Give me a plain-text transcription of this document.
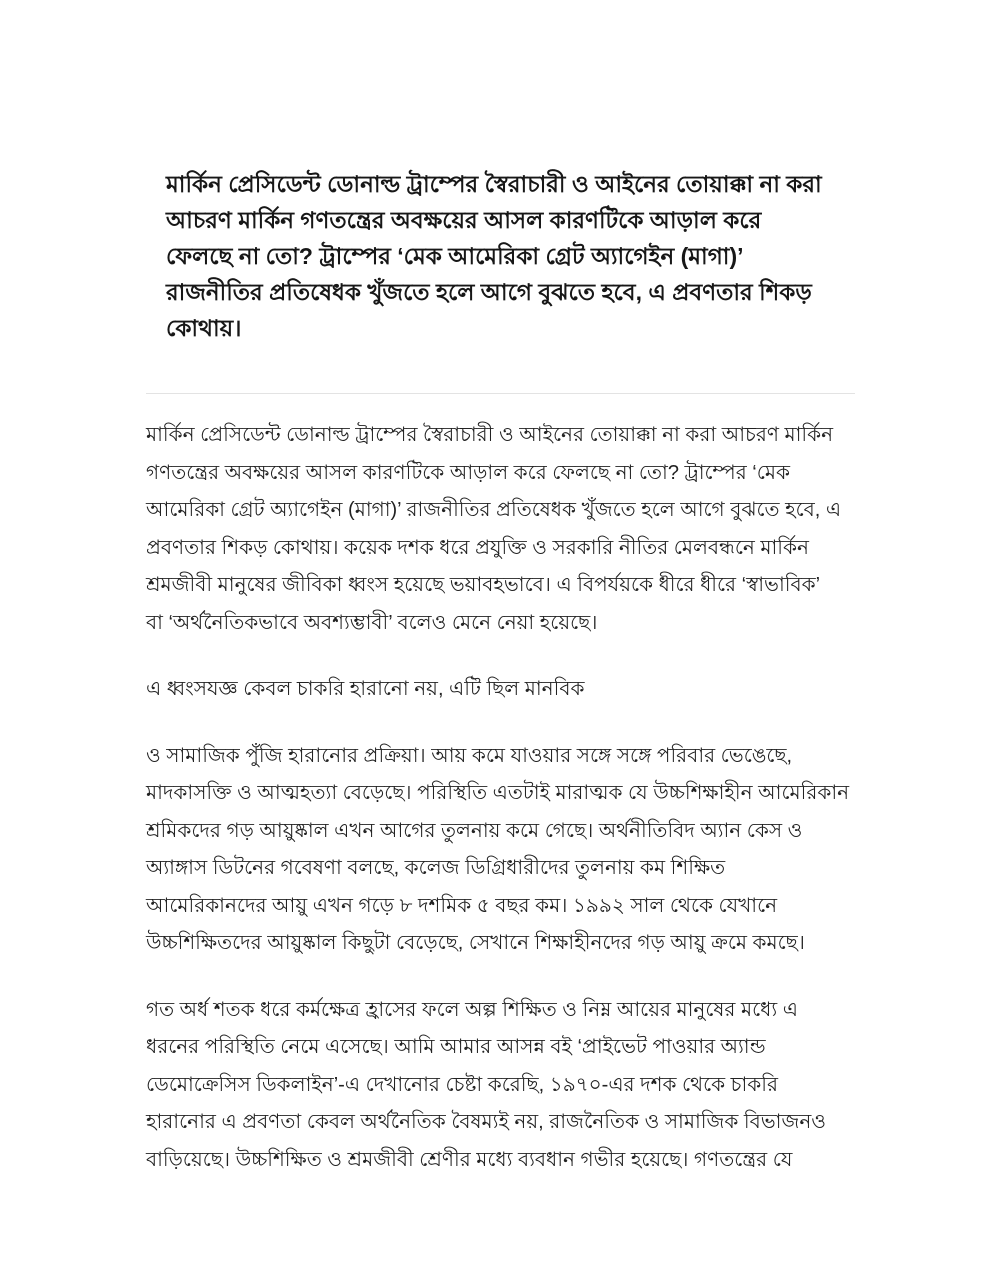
মার্কিন প্রেসিডেন্ট ডোনাল্ড ট্রাম্পের স্বৈরাচারী ও আইনের তোয়াক্কা না করা
আচরণ মার্কিন গণতন্ত্রের অবক্ষয়ের আসল কারণটিকে আড়াল করে
ফেলছে না তো? ট্রাম্পের ‘মেক আমেরিকা গ্রেট অ্যাগেইন (মাগা)’
রাজনীতির প্রতিষেধক খুঁজতে হলে আগে বুঝতে হবে, এ প্রবণতার শিকড়
কোথায়।
মার্কিন প্রেসিডেন্ট ডোনাল্ড ট্রাম্পের স্বৈরাচারী ও আইনের তোয়াক্কা না করা আচরণ মার্কিন
গণতন্ত্রের অবক্ষয়ের আসল কারণটিকে আড়াল করে ফেলছে না তো? ট্রাম্পের ‘মেক
আমেরিকা গ্রেট অ্যাগেইন (মাগা)’ রাজনীতির প্রতিষেধক খুঁজতে হলে আগে বুঝতে হবে, এ
প্রবণতার শিকড় কোথায়। কয়েক দশক ধরে প্রযুক্তি ও সরকারি নীতির মেলবন্ধনে মার্কিন
শ্রমজীবী মানুষের জীবিকা ধ্বংস হয়েছে ভয়াবহভাবে। এ বিপর্যয়কে ধীরে ধীরে ‘স্বাভাবিক’
বা ‘অর্থনৈতিকভাবে অবশ্যম্ভাবী’ বলেও মেনে নেয়া হয়েছে।
এ ধ্বংসযজ্ঞ কেবল চাকরি হারানো নয়, এটি ছিল মানবিক
ও সামাজিক পুঁজি হারানোর প্রক্রিয়া। আয় কমে যাওয়ার সঙ্গে সঙ্গে পরিবার ভেঙেছে,
মাদকাসক্তি ও আত্মহত্যা বেড়েছে। পরিস্থিতি এতটাই মারাত্মক যে উচ্চশিক্ষাহীন আমেরিকান
শ্রমিকদের গড় আয়ুষ্কাল এখন আগের তুলনায় কমে গেছে। অর্থনীতিবিদ অ্যান কেস ও
অ্যাঙ্গাস ডিটনের গবেষণা বলছে, কলেজ ডিগ্রিধারীদের তুলনায় কম শিক্ষিত
আমেরিকানদের আয়ু এখন গড়ে ৮ দশমিক ৫ বছর কম। ১৯৯২ সাল থেকে যেখানে
উচ্চশিক্ষিতদের আয়ুষ্কাল কিছুটা বেড়েছে, সেখানে শিক্ষাহীনদের গড় আয়ু ক্রমে কমছে।
গত অর্ধ শতক ধরে কর্মক্ষেত্র হ্রাসের ফলে অল্প শিক্ষিত ও নিম্ন আয়ের মানুষের মধ্যে এ
ধরনের পরিস্থিতি নেমে এসেছে। আমি আমার আসন্ন বই ‘প্রাইভেট পাওয়ার অ্যান্ড
ডেমোক্রেসিস ডিকলাইন’-এ দেখানোর চেষ্টা করেছি, ১৯৭০-এর দশক থেকে চাকরি
হারানোর এ প্রবণতা কেবল অর্থনৈতিক বৈষম্যই নয়, রাজনৈতিক ও সামাজিক বিভাজনও
বাড়িয়েছে। উচ্চশিক্ষিত ও শ্রমজীবী শ্রেণীর মধ্যে ব্যবধান গভীর হয়েছে। গণতন্ত্রের যে
